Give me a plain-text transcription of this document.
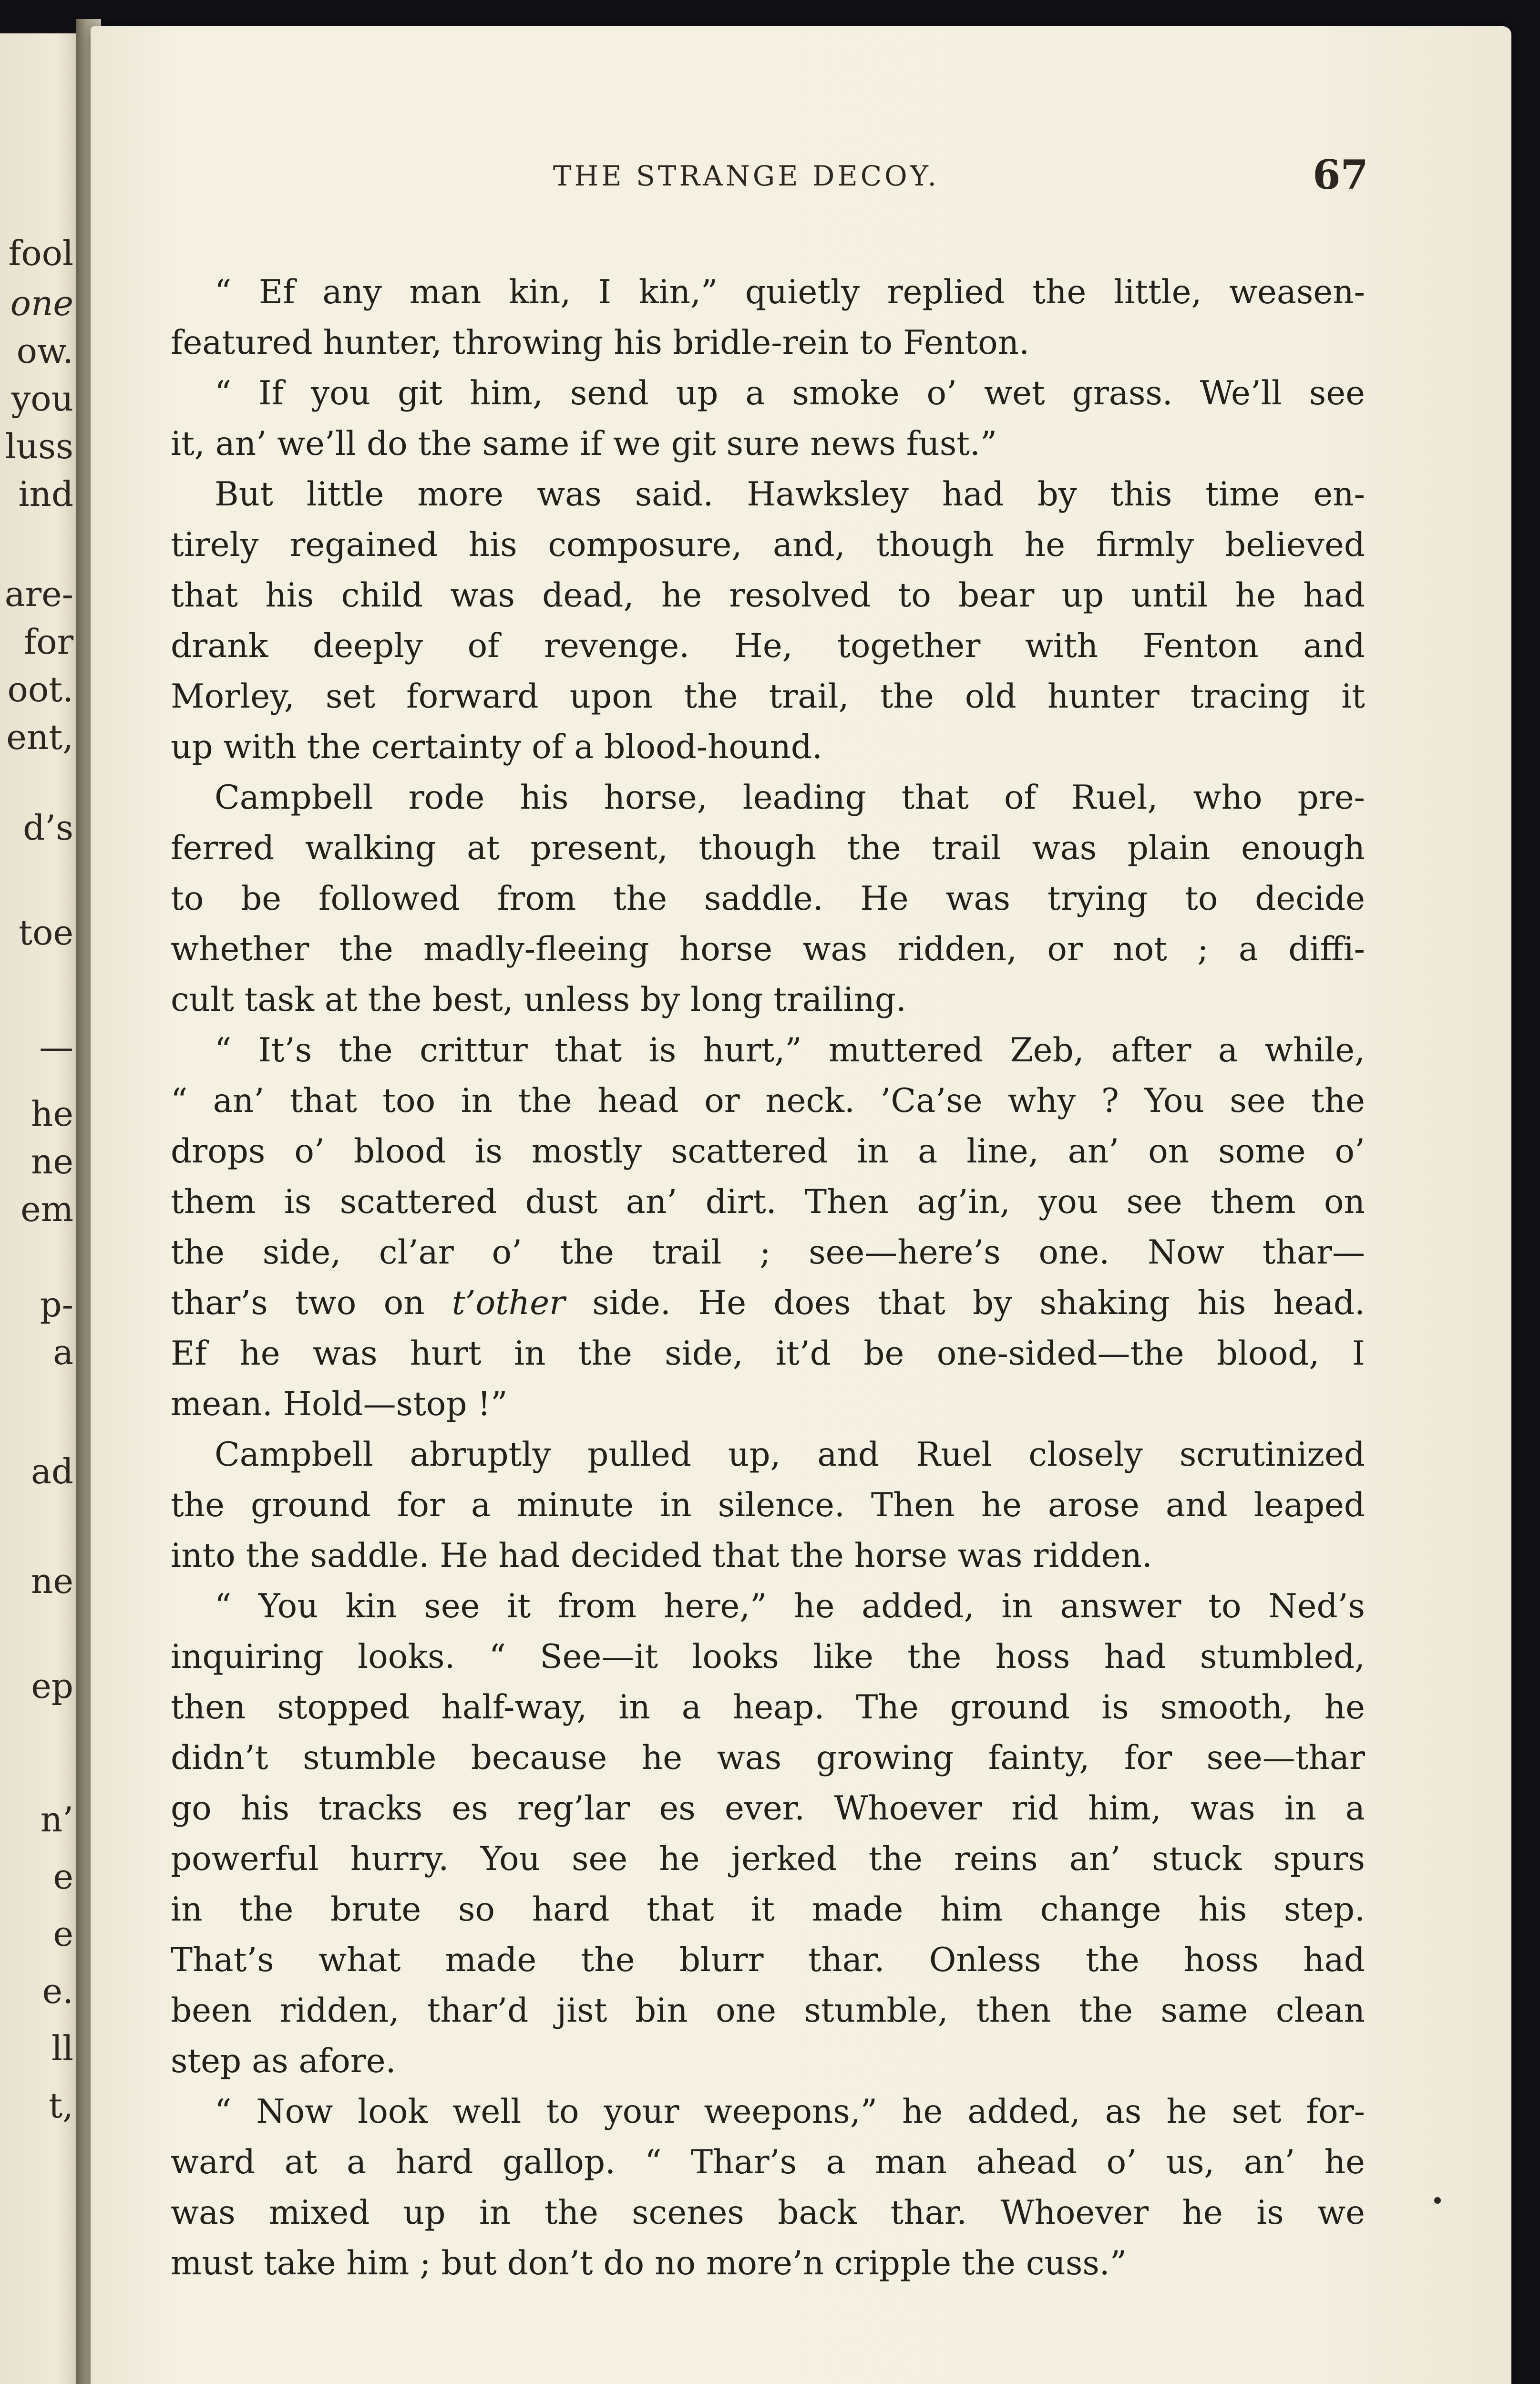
fool
one
ow.
you
luss
ind
are-
for
oot.
ent,
d’s
toe
—
he
ne
em
p-
a
ad
ne
ep
n’
e
e
e.
ll
t,
THE STRANGE DECOY.	67
“ Ef any man kin, I kin,” quietly replied the little, weasen-
featured hunter, throwing his bridle-rein to Fenton.
“ If you git him, send up a smoke o’ wet grass. We’ll see
it, an’ we’ll do the same if we git sure news fust.”
But little more was said. Hawksley had by this time en-
tirely regained his composure, and, though he firmly believed
that his child was dead, he resolved to bear up until he had
drank deeply of revenge. He, together with Fenton and
Morley, set forward upon the trail, the old hunter tracing it
up with the certainty of a blood-hound.
Campbell rode his horse, leading that of Ruel, who pre-
ferred walking at present, though the trail was plain enough
to be followed from the saddle. He was trying to decide
whether the madly-fleeing horse was ridden, or not ; a diffi-
cult task at the best, unless by long trailing.
“ It’s the crittur that is hurt,” muttered Zeb, after a while,
“ an’ that too in the head or neck. ’Ca’se why ? You see the
drops o’ blood is mostly scattered in a line, an’ on some o’
them is scattered dust an’ dirt. Then ag’in, you see them on
the side, cl’ar o’ the trail ; see—here’s one. Now thar—
thar’s two on t’other side. He does that by shaking his head.
Ef he was hurt in the side, it’d be one-sided—the blood, I
mean. Hold—stop !”
Campbell abruptly pulled up, and Ruel closely scrutinized
the ground for a minute in silence. Then he arose and leaped
into the saddle. He had decided that the horse was ridden.
“ You kin see it from here,” he added, in answer to Ned’s
inquiring looks. “ See—it looks like the hoss had stumbled,
then stopped half-way, in a heap. The ground is smooth, he
didn’t stumble because he was growing fainty, for see—thar
go his tracks es reg’lar es ever. Whoever rid him, was in a
powerful hurry. You see he jerked the reins an’ stuck spurs
in the brute so hard that it made him change his step.
That’s what made the blurr thar. Onless the hoss had
been ridden, thar’d jist bin one stumble, then the same clean
step as afore.
“ Now look well to your weepons,” he added, as he set for-
ward at a hard gallop. “ Thar’s a man ahead o’ us, an’ he
was mixed up in the scenes back thar. Whoever he is we
must take him ; but don’t do no more’n cripple the cuss.”
